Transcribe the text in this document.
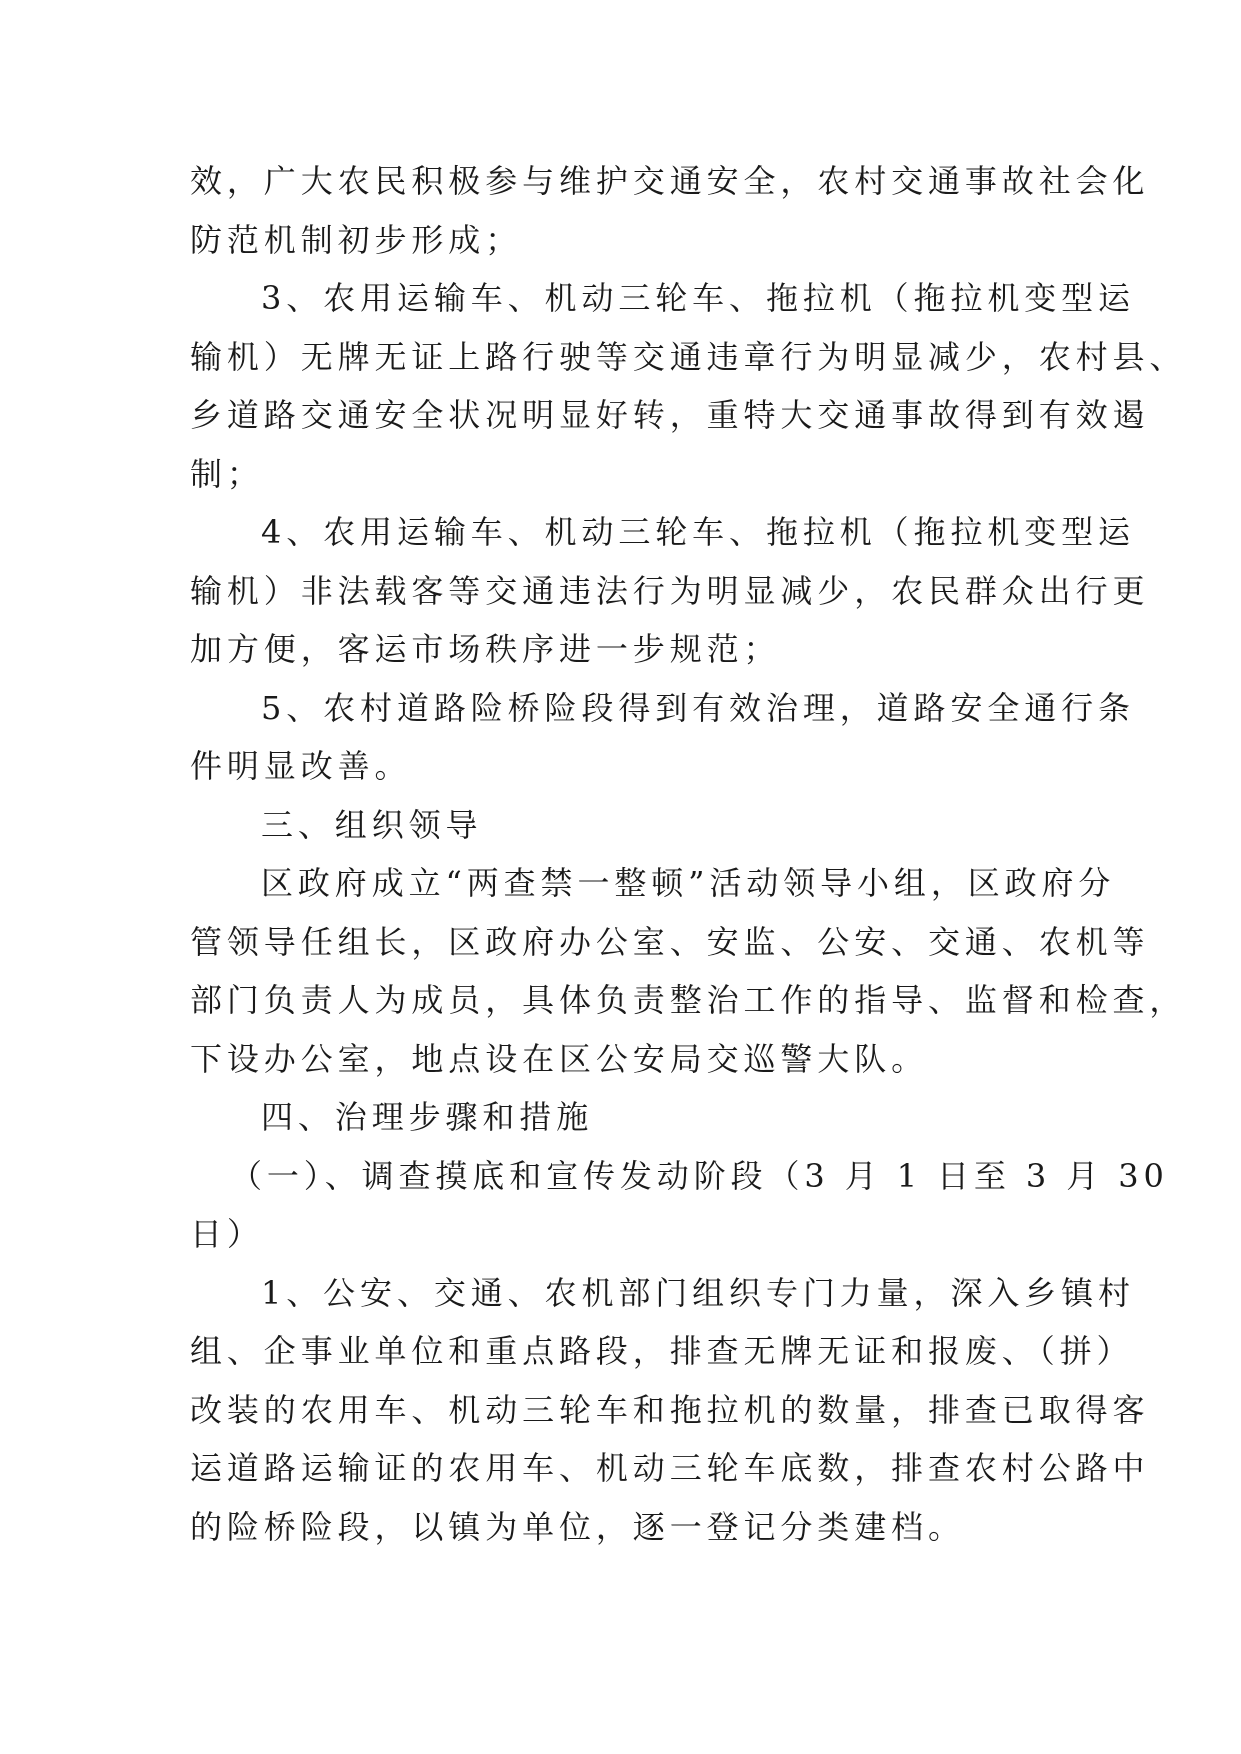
效，广大农民积极参与维护交通安全，农村交通事故社会化
防范机制初步形成；
3、农用运输车、机动三轮车、拖拉机（拖拉机变型运
输机）无牌无证上路行驶等交通违章行为明显减少，农村县、
乡道路交通安全状况明显好转，重特大交通事故得到有效遏
制；
4、农用运输车、机动三轮车、拖拉机（拖拉机变型运
输机）非法载客等交通违法行为明显减少，农民群众出行更
加方便，客运市场秩序进一步规范；
5、农村道路险桥险段得到有效治理，道路安全通行条
件明显改善。
三、组织领导
区政府成立“两查禁一整顿”活动领导小组，区政府分
管领导任组长，区政府办公室、安监、公安、交通、农机等
部门负责人为成员，具体负责整治工作的指导、监督和检查，
下设办公室，地点设在区公安局交巡警大队。
四、治理步骤和措施
（一）、调查摸底和宣传发动阶段（3 月 1 日至 3 月 30
日）
1、公安、交通、农机部门组织专门力量，深入乡镇村
组、企事业单位和重点路段，排查无牌无证和报废、（拼）
改装的农用车、机动三轮车和拖拉机的数量，排查已取得客
运道路运输证的农用车、机动三轮车底数，排查农村公路中
的险桥险段，以镇为单位，逐一登记分类建档。
